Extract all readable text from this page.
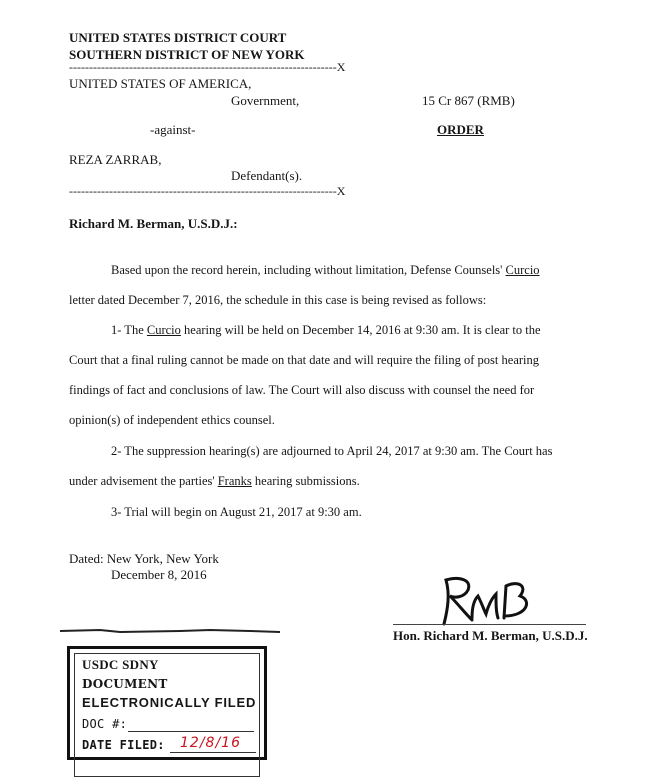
UNITED STATES DISTRICT COURT
SOUTHERN DISTRICT OF NEW YORK
-------------------------------------------------------------------X
UNITED STATES OF AMERICA,
Government,	15 Cr 867 (RMB)
-against-	ORDER
REZA ZARRAB,
Defendant(s).
-------------------------------------------------------------------X
Richard M. Berman, U.S.D.J.:
Based upon the record herein, including without limitation, Defense Counsels' Curcio
letter dated December 7, 2016, the schedule in this case is being revised as follows:
1- The Curcio hearing will be held on December 14, 2016 at 9:30 am. It is clear to the
Court that a final ruling cannot be made on that date and will require the filing of post hearing
findings of fact and conclusions of law. The Court will also discuss with counsel the need for
opinion(s) of independent ethics counsel.
2- The suppression hearing(s) are adjourned to April 24, 2017 at 9:30 am. The Court has
under advisement the parties' Franks hearing submissions.
3- Trial will begin on August 21, 2017 at 9:30 am.
Dated: New York, New York
December 8, 2016
Hon. Richard M. Berman, U.S.D.J.
USDC SDNY
DOCUMENT
ELECTRONICALLY FILED
DOC #:
DATE FILED: 12/8/16
